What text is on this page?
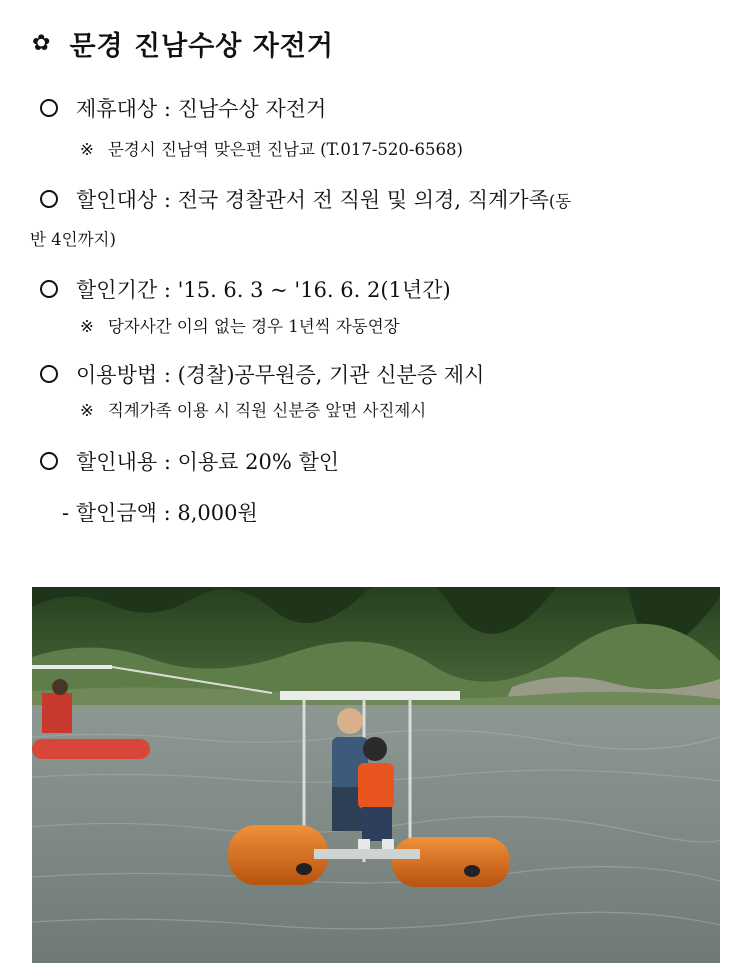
✿ 문경 진남수상 자전거
제휴대상 : 진남수상 자전거
※ 문경시 진남역 맞은편 진남교 (T.017-520-6568)
할인대상 : 전국 경찰관서 전 직원 및 의경, 직계가족 (동
반 4인까지)
할인기간 : '15. 6. 3 ~ '16. 6. 2(1년간)
※ 당자사간 이의 없는 경우 1년씩 자동연장
이용방법 : (경찰)공무원증, 기관 신분증 제시
※ 직계가족 이용 시 직원 신분증 앞면 사진제시
할인내용 : 이용료 20% 할인
- 할인금액 : 8,000원
